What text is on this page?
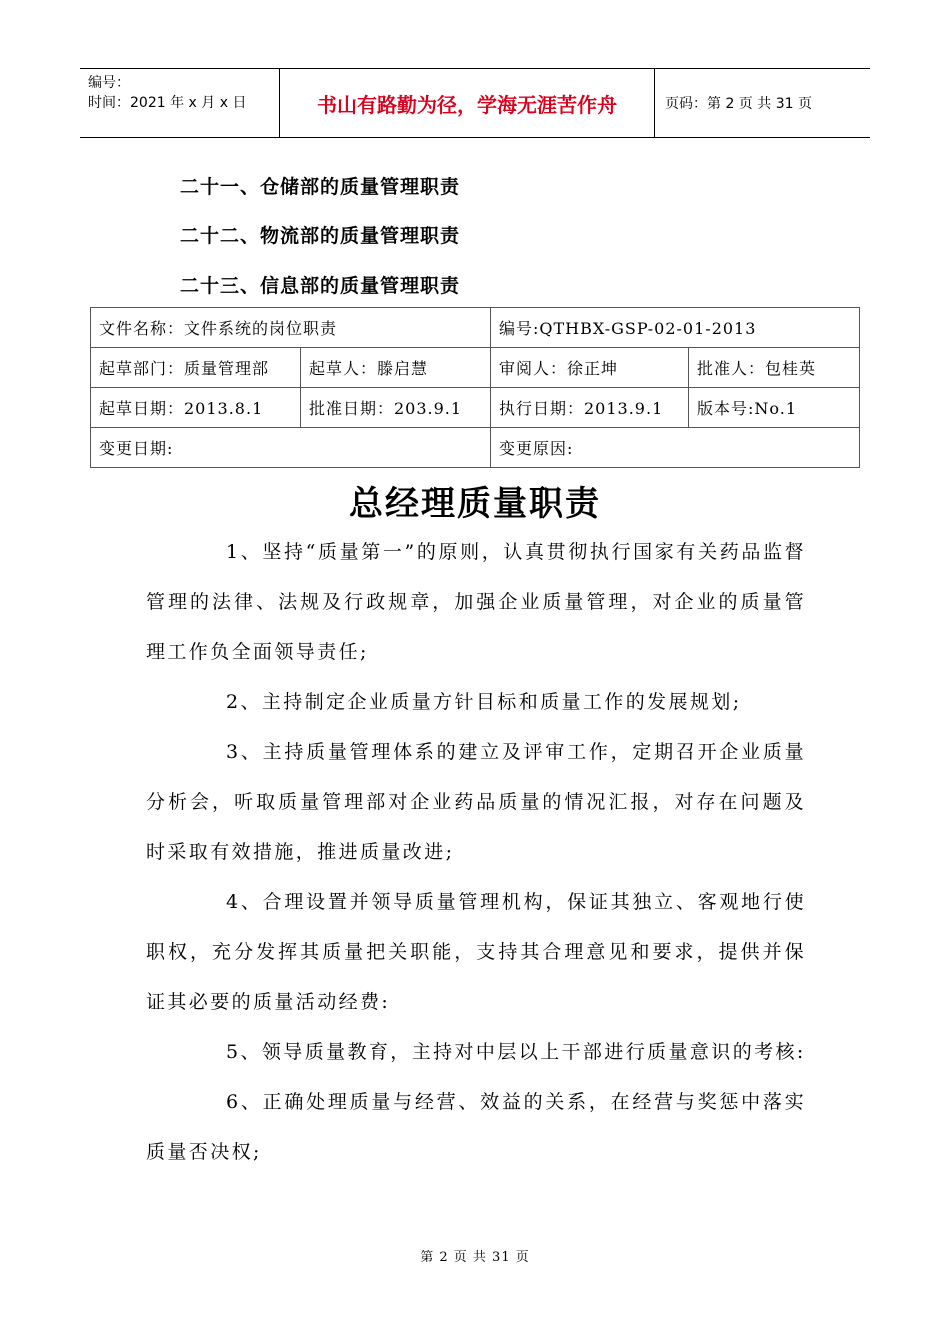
编号：
时间：2021 年 x 月 x 日	书山有路勤为径，学海无涯苦作舟	页码：第 2 页 共 31 页
二十一、仓储部的质量管理职责
二十二、物流部的质量管理职责
二十三、信息部的质量管理职责
文件名称：文件系统的岗位职责		编号:QTHBX-GSP-02-01-2013	
起草部门：质量管理部	起草人：滕启慧	审阅人：徐正坤	批准人：包桂英
起草日期：2013.8.1	批准日期：203.9.1	执行日期：2013.9.1	版本号:No.1
变更日期:		变更原因:	
总经理质量职责

1、坚持“质量第一”的原则，认真贯彻执行国家有关药品监督管理的法律、法规及行政规章，加强企业质量管理，对企业的质量管理工作负全面领导责任;

2、主持制定企业质量方针目标和质量工作的发展规划;

3、主持质量管理体系的建立及评审工作，定期召开企业质量分析会，听取质量管理部对企业药品质量的情况汇报，对存在问题及时采取有效措施，推进质量改进;

4、合理设置并领导质量管理机构，保证其独立、客观地行使职权，充分发挥其质量把关职能，支持其合理意见和要求，提供并保证其必要的质量活动经费:

5、领导质量教育，主持对中层以上干部进行质量意识的考核:

6、正确处理质量与经营、效益的关系，在经营与奖惩中落实质量否决权;

第 2 页 共 31 页
